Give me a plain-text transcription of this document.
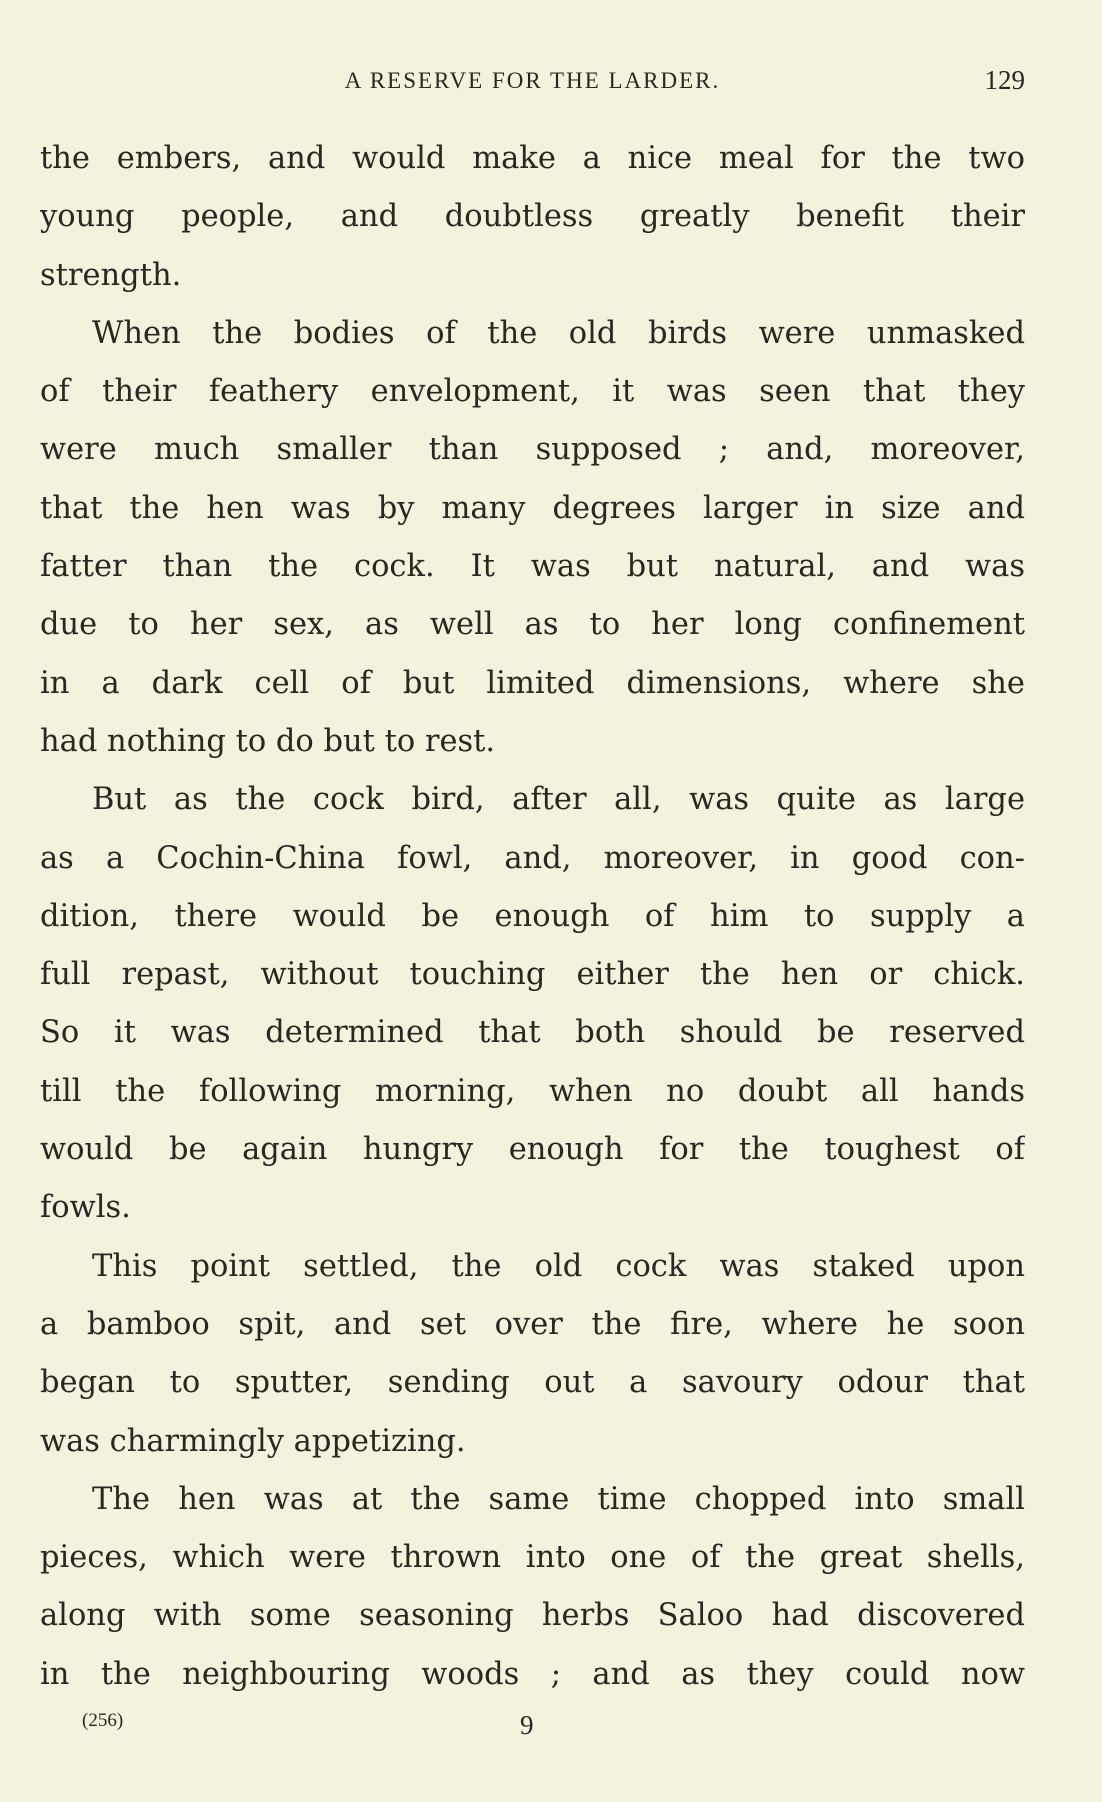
A RESERVE FOR THE LARDER.	129
the embers, and would make a nice meal for the two
young people, and doubtless greatly benefit their
strength.
When the bodies of the old birds were unmasked
of their feathery envelopment, it was seen that they
were much smaller than supposed ; and, moreover,
that the hen was by many degrees larger in size and
fatter than the cock. It was but natural, and was
due to her sex, as well as to her long confinement
in a dark cell of but limited dimensions, where she
had nothing to do but to rest.
But as the cock bird, after all, was quite as large
as a Cochin-China fowl, and, moreover, in good con-
dition, there would be enough of him to supply a
full repast, without touching either the hen or chick.
So it was determined that both should be reserved
till the following morning, when no doubt all hands
would be again hungry enough for the toughest of
fowls.
This point settled, the old cock was staked upon
a bamboo spit, and set over the fire, where he soon
began to sputter, sending out a savoury odour that
was charmingly appetizing.
The hen was at the same time chopped into small
pieces, which were thrown into one of the great shells,
along with some seasoning herbs Saloo had discovered
in the neighbouring woods ; and as they could now
(256)	9
